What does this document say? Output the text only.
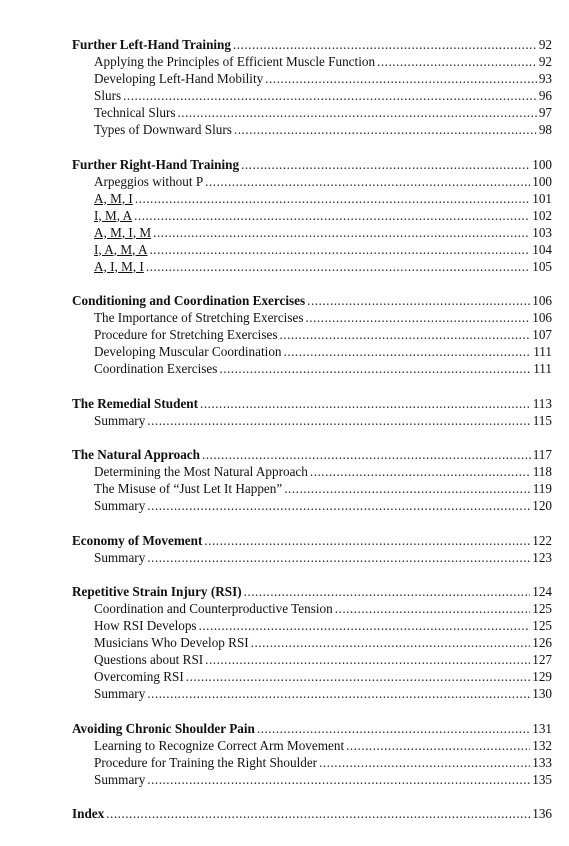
Further Left-Hand Training .....	92
Applying the Principles of Efficient Muscle Function .....	92
Developing Left-Hand Mobility .....	93
Slurs .....	96
Technical Slurs .....	97
Types of Downward Slurs .....	98
Further Right-Hand Training .....	100
Arpeggios without P .....	100
A, M, I .....	101
I, M, A .....	102
A, M, I, M .....	103
I, A, M, A .....	104
A, I, M, I .....	105
Conditioning and Coordination Exercises .....	106
The Importance of Stretching Exercises .....	106
Procedure for Stretching Exercises .....	107
Developing Muscular Coordination .....	111
Coordination Exercises .....	111
The Remedial Student .....	113
Summary .....	115
The Natural Approach .....	117
Determining the Most Natural Approach .....	118
The Misuse of “Just Let It Happen” .....	119
Summary .....	120
Economy of Movement .....	122
Summary .....	123
Repetitive Strain Injury (RSI) .....	124
Coordination and Counterproductive Tension .....	125
How RSI Develops .....	125
Musicians Who Develop RSI .....	126
Questions about RSI .....	127
Overcoming RSI .....	129
Summary .....	130
Avoiding Chronic Shoulder Pain .....	131
Learning to Recognize Correct Arm Movement .....	132
Procedure for Training the Right Shoulder .....	133
Summary .....	135
Index .....	136
